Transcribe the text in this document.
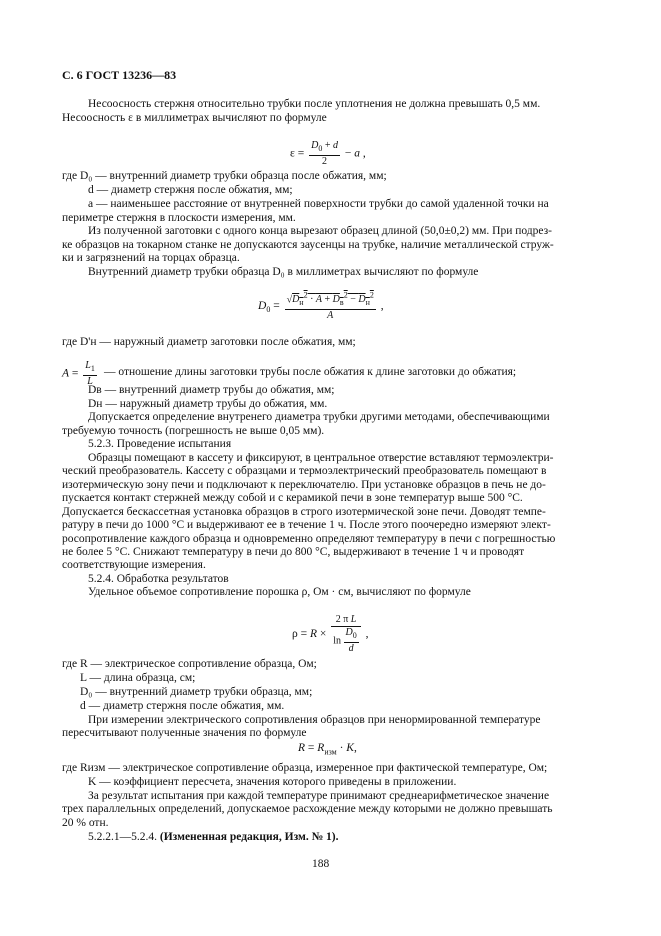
С. 6 ГОСТ 13236—83
Несоосность стержня относительно трубки после уплотнения не должна превышать 0,5 мм.
Несоосность ε в миллиметрах вычисляют по формуле
$\varepsilon = \frac{D_0 + d}{2} - a$ ,
где D₀ — внутренний диаметр трубки образца после обжатия, мм;
d — диаметр стержня после обжатия, мм;
a — наименьшее расстояние от внутренней поверхности трубки до самой удаленной точки на
периметре стержня в плоскости измерения, мм.
Из полученной заготовки с одного конца вырезают образец длиной (50,0±0,2) мм. При подрез-
ке образцов на токарном станке не допускаются заусенцы на трубке, наличие металлической струж-
ки и загрязнений на торцах образца.
Внутренний диаметр трубки образца D₀ в миллиметрах вычисляют по формуле
$D_0 = \frac{√D_н^2 \cdot A + D_в^2 - D_н^2}{A}$ ,
где D'н — наружный диаметр заготовки после обжатия, мм;
$A = \frac{L_1}{L}$ — отношение длины заготовки трубы после обжатия к длине заготовки до обжатия;
Dв — внутренний диаметр трубы до обжатия, мм;
Dн — наружный диаметр трубы до обжатия, мм.
Допускается определение внутренего диаметра трубки другими методами, обеспечивающими
требуемую точность (погрешность не выше 0,05 мм).
5.2.3. Проведение испытания
Образцы помещают в кассету и фиксируют, в центральное отверстие вставляют термоэлектри-
ческий преобразователь. Кассету с образцами и термоэлектрический преобразователь помещают в
изотермическую зону печи и подключают к переключателю. При установке образцов в печь не до-
пускается контакт стержней между собой и с керамикой печи в зоне температур выше 500 °С.
Допускается бескассетная установка образцов в строго изотермической зоне печи. Доводят темпе-
ратуру в печи до 1000 °С и выдерживают ее в течение 1 ч. После этого поочередно измеряют элект-
росопротивление каждого образца и одновременно определяют температуру в печи с погрешностью
не более 5 °С. Снижают температуру в печи до 800 °С, выдерживают в течение 1 ч и проводят
соответствующие измерения.
5.2.4. Обработка результатов
Удельное объемое сопротивление порошка ρ, Ом · см, вычисляют по формуле
$\rho = R \times \frac{\text{2 π L}}{\ln \frac{D_0}{d}}$ ,
где R — электрическое сопротивление образца, Ом;
L — длина образца, см;
D₀ — внутренний диаметр трубки образца, мм;
d — диаметр стержня после обжатия, мм.
При измерении электрического сопротивления образцов при ненормированной температуре
пересчитывают полученные значения по формуле
$R = R_{изм} \cdot K$,
где Rизм — электрическое сопротивление образца, измеренное при фактической температуре, Ом;
K — коэффициент пересчета, значения которого приведены в приложении.
За результат испытания при каждой температуре принимают среднеарифметическое значение
трех параллельных определений, допускаемое расхождение между которыми не должно превышать
20 % отн.
5.2.2.1—5.2.4. (Измененная редакция, Изм. № 1).
188
